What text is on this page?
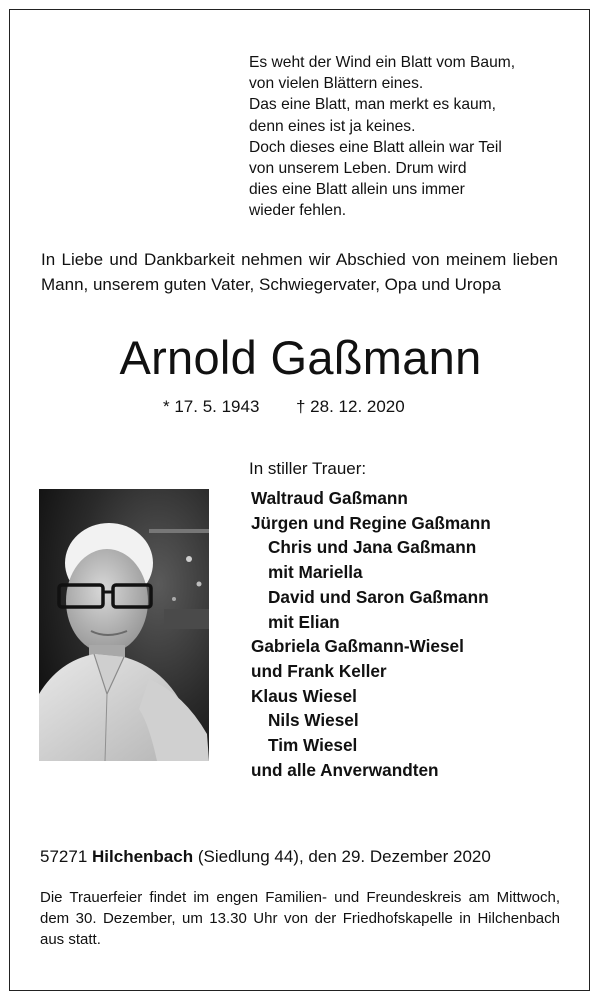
Es weht der Wind ein Blatt vom Baum,
von vielen Blättern eines.
Das eine Blatt, man merkt es kaum,
denn eines ist ja keines.
Doch dieses eine Blatt allein war Teil
von unserem Leben. Drum wird
dies eine Blatt allein uns immer
wieder fehlen.
In Liebe und Dankbarkeit nehmen wir Abschied von meinem lieben Mann, unserem guten Vater, Schwiegervater, Opa und Uropa
Arnold Gaßmann
* 17. 5. 1943 † 28. 12. 2020
In stiller Trauer:
Waltraud Gaßmann
Jürgen und Regine Gaßmann
Chris und Jana Gaßmann
mit Mariella
David und Saron Gaßmann
mit Elian
Gabriela Gaßmann-Wiesel
und Frank Keller
Klaus Wiesel
Nils Wiesel
Tim Wiesel
und alle Anverwandten
57271 Hilchenbach (Siedlung 44), den 29. Dezember 2020
Die Trauerfeier findet im engen Familien- und Freundeskreis am Mittwoch, dem 30. Dezember, um 13.30 Uhr von der Friedhofskapelle in Hilchenbach aus statt.
